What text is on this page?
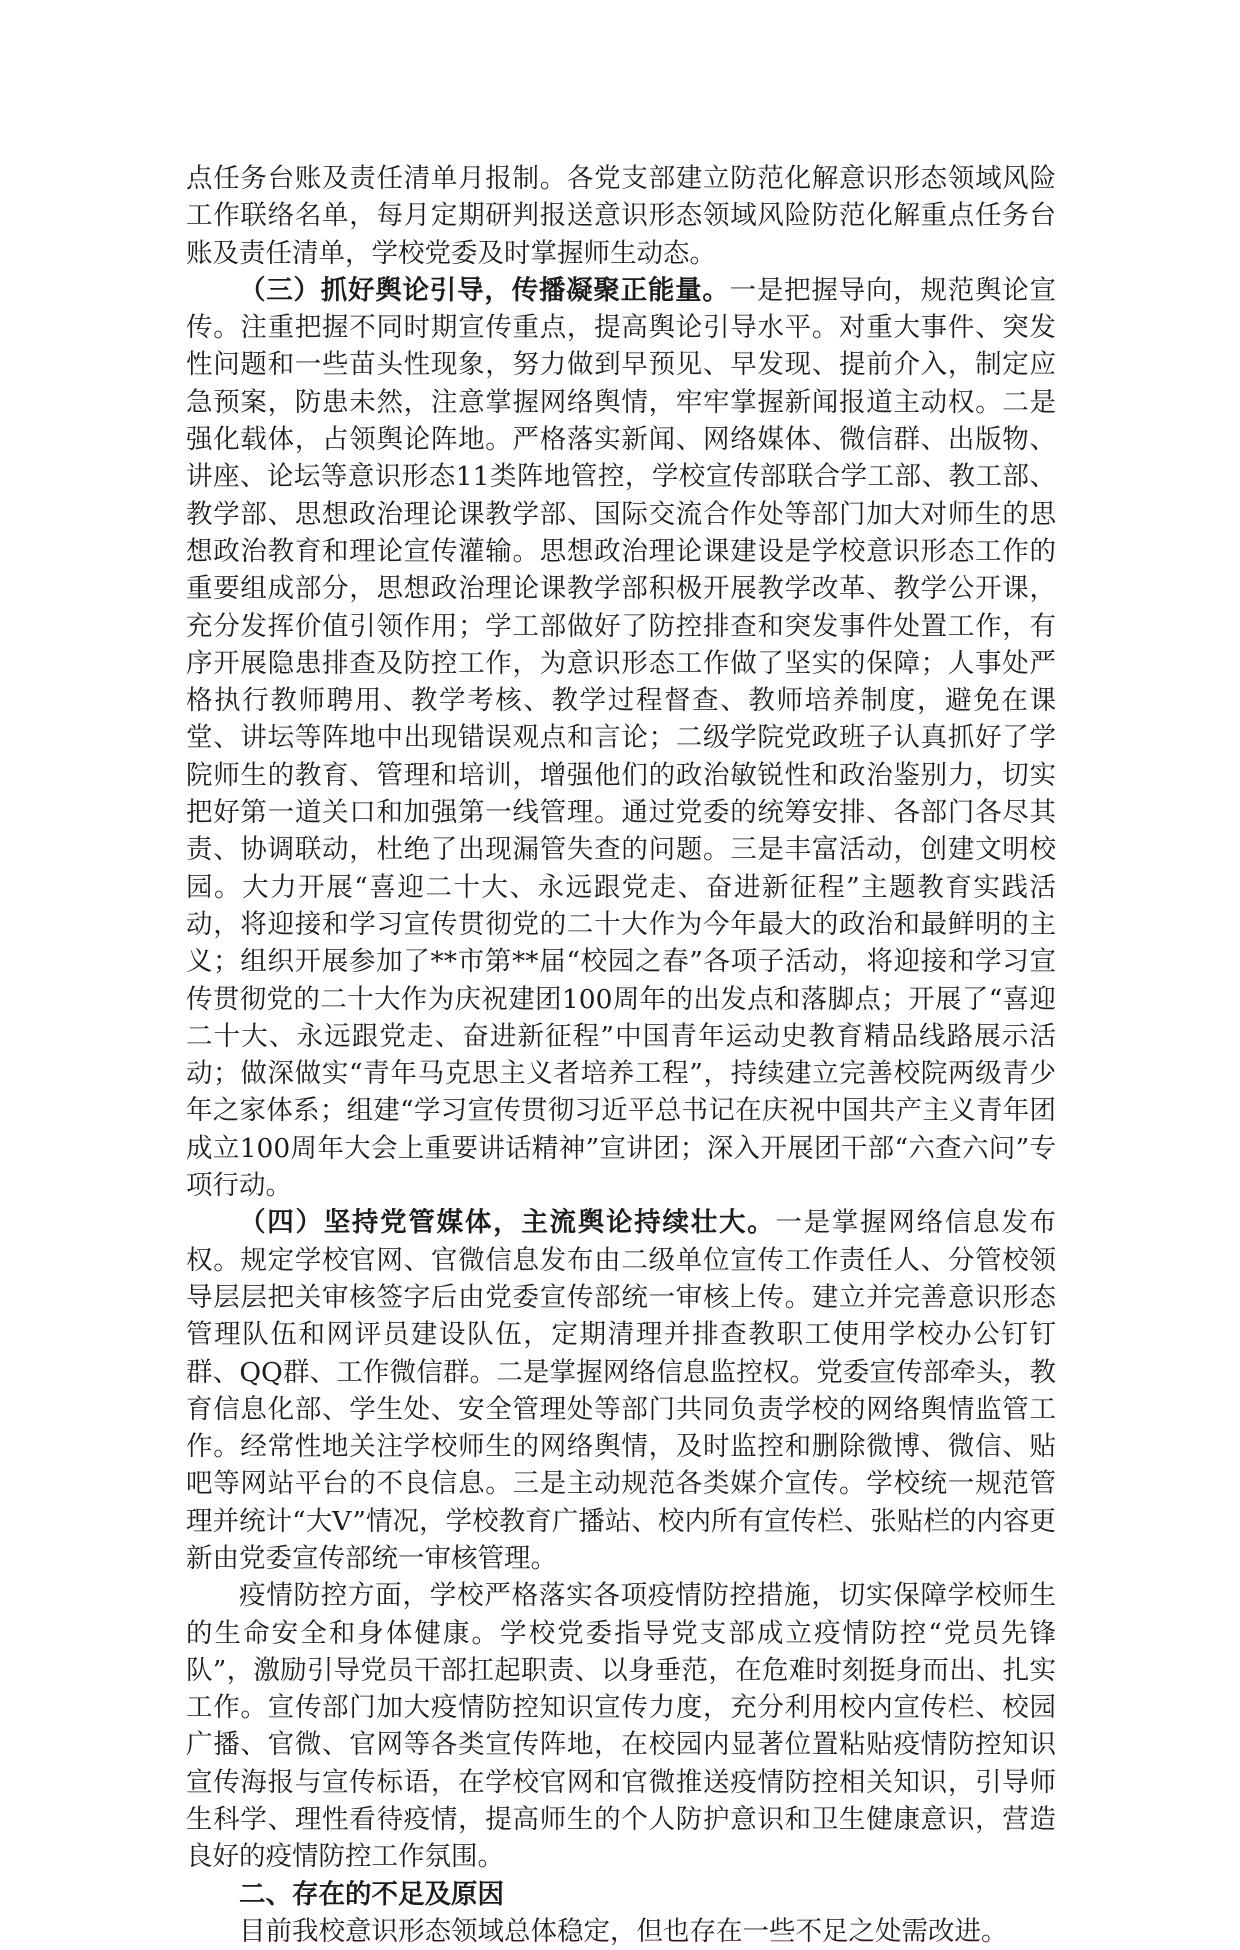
点任务台账及责任清单月报制。各党支部建立防范化解意识形态领域风险工作联络名单，每月定期研判报送意识形态领域风险防范化解重点任务台账及责任清单，学校党委及时掌握师生动态。

（三）抓好舆论引导，传播凝聚正能量。一是把握导向，规范舆论宣传。注重把握不同时期宣传重点，提高舆论引导水平。对重大事件、突发性问题和一些苗头性现象，努力做到早预见、早发现、提前介入，制定应急预案，防患未然，注意掌握网络舆情，牢牢掌握新闻报道主动权。二是强化载体，占领舆论阵地。严格落实新闻、网络媒体、微信群、出版物、讲座、论坛等意识形态11类阵地管控，学校宣传部联合学工部、教工部、教学部、思想政治理论课教学部、国际交流合作处等部门加大对师生的思想政治教育和理论宣传灌输。思想政治理论课建设是学校意识形态工作的重要组成部分，思想政治理论课教学部积极开展教学改革、教学公开课，充分发挥价值引领作用；学工部做好了防控排查和突发事件处置工作，有序开展隐患排查及防控工作，为意识形态工作做了坚实的保障；人事处严格执行教师聘用、教学考核、教学过程督查、教师培养制度，避免在课堂、讲坛等阵地中出现错误观点和言论；二级学院党政班子认真抓好了学院师生的教育、管理和培训，增强他们的政治敏锐性和政治鉴别力，切实把好第一道关口和加强第一线管理。通过党委的统筹安排、各部门各尽其责、协调联动，杜绝了出现漏管失查的问题。三是丰富活动，创建文明校园。大力开展“喜迎二十大、永远跟党走、奋进新征程”主题教育实践活动，将迎接和学习宣传贯彻党的二十大作为今年最大的政治和最鲜明的主义；组织开展参加了**市第**届“校园之春”各项子活动，将迎接和学习宣传贯彻党的二十大作为庆祝建团100周年的出发点和落脚点；开展了“喜迎二十大、永远跟党走、奋进新征程”中国青年运动史教育精品线路展示活动；做深做实“青年马克思主义者培养工程”，持续建立完善校院两级青少年之家体系；组建“学习宣传贯彻习近平总书记在庆祝中国共产主义青年团成立100周年大会上重要讲话精神”宣讲团；深入开展团干部“六查六问”专项行动。

（四）坚持党管媒体，主流舆论持续壮大。一是掌握网络信息发布权。规定学校官网、官微信息发布由二级单位宣传工作责任人、分管校领导层层把关审核签字后由党委宣传部统一审核上传。建立并完善意识形态管理队伍和网评员建设队伍，定期清理并排查教职工使用学校办公钉钉群、QQ群、工作微信群。二是掌握网络信息监控权。党委宣传部牵头，教育信息化部、学生处、安全管理处等部门共同负责学校的网络舆情监管工作。经常性地关注学校师生的网络舆情，及时监控和删除微博、微信、贴吧等网站平台的不良信息。三是主动规范各类媒介宣传。学校统一规范管理并统计“大V”情况，学校教育广播站、校内所有宣传栏、张贴栏的内容更新由党委宣传部统一审核管理。

疫情防控方面，学校严格落实各项疫情防控措施，切实保障学校师生的生命安全和身体健康。学校党委指导党支部成立疫情防控“党员先锋队”，激励引导党员干部扛起职责、以身垂范，在危难时刻挺身而出、扎实工作。宣传部门加大疫情防控知识宣传力度，充分利用校内宣传栏、校园广播、官微、官网等各类宣传阵地，在校园内显著位置粘贴疫情防控知识宣传海报与宣传标语，在学校官网和官微推送疫情防控相关知识，引导师生科学、理性看待疫情，提高师生的个人防护意识和卫生健康意识，营造良好的疫情防控工作氛围。

二、存在的不足及原因

目前我校意识形态领域总体稳定，但也存在一些不足之处需改进。
